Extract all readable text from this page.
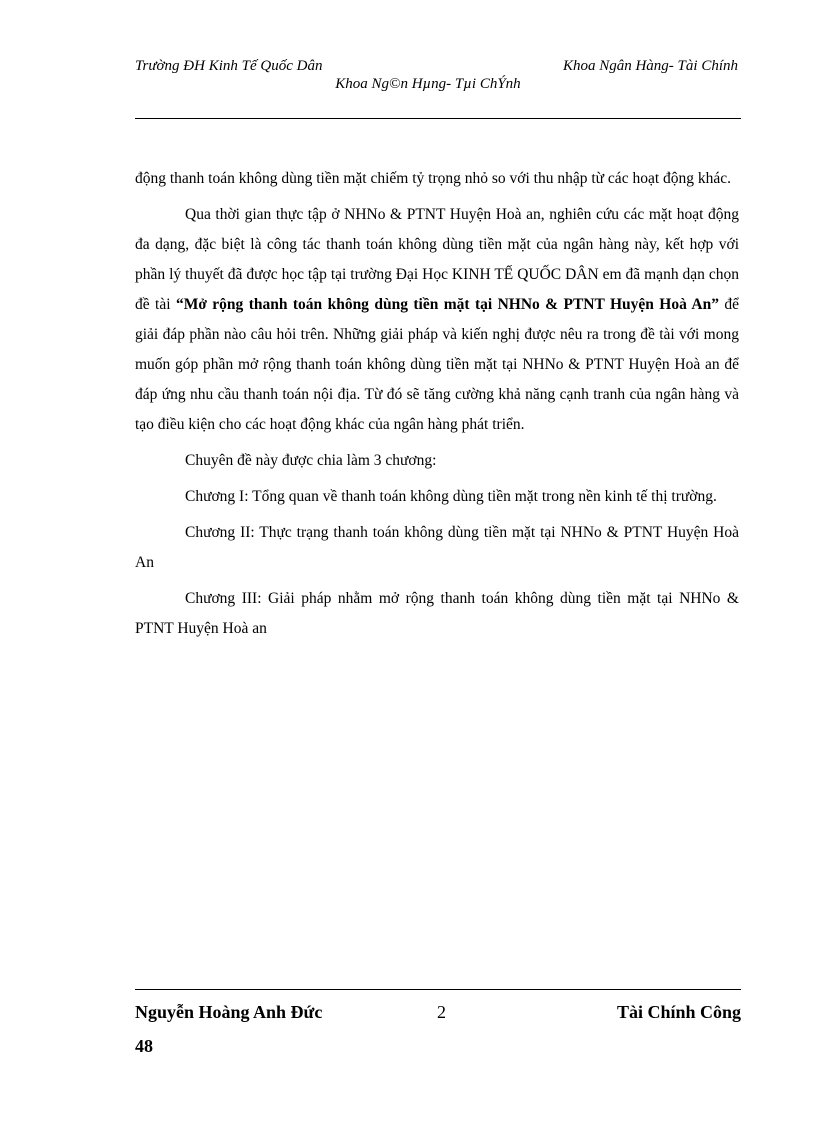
Trường ĐH Kinh Tế Quốc Dân	Khoa Ngân Hàng- Tài Chính
Khoa Ng©n Hµng- Tµi ChÝnh

động thanh toán không dùng tiền mặt chiếm tỷ trọng nhỏ so với thu nhập từ các hoạt động khác.

Qua thời gian thực tập ở NHNo & PTNT Huyện Hoà an, nghiên cứu các mặt hoạt động đa dạng, đặc biệt là công tác thanh toán không dùng tiền mặt của ngân hàng này, kết hợp với phần lý thuyết đã được học tập tại trường Đại Học KINH TẾ QUỐC DÂN em đã mạnh dạn chọn đề tài “Mở rộng thanh toán không dùng tiền mặt tại NHNo & PTNT Huyện Hoà An” để giải đáp phần nào câu hỏi trên. Những giải pháp và kiến nghị được nêu ra trong đề tài với mong muốn góp phần mở rộng thanh toán không dùng tiền mặt tại NHNo & PTNT Huyện Hoà an để đáp ứng nhu cầu thanh toán nội địa. Từ đó sẽ tăng cường khả năng cạnh tranh của ngân hàng và tạo điều kiện cho các hoạt động khác của ngân hàng phát triển.

Chuyên đề này được chia làm 3 chương:

Chương I: Tổng quan về thanh toán không dùng tiền mặt trong nền kinh tế thị trường.

Chương II: Thực trạng thanh toán không dùng tiền mặt tại NHNo & PTNT Huyện Hoà An

Chương III: Giải pháp nhằm mở rộng thanh toán không dùng tiền mặt tại NHNo & PTNT Huyện Hoà an

Nguyễn Hoàng Anh Đức	2	Tài Chính Công
48
